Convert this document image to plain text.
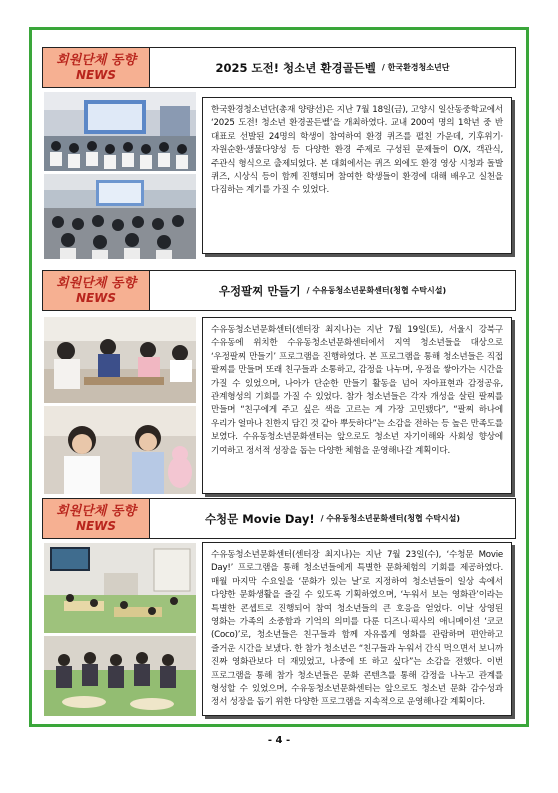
회원단체 동향
NEWS
2025 도전! 청소년 환경골든벨 / 한국환경청소년단
한국환경청소년단(총재 양량선)은 지난 7월 18일(금), 고양시 일산동중학교에서 ‘2025 도전! 청소년 환경골든벨’을 개최하였다. 교내 200여 명의 1학년 중 반 대표로 선발된 24명의 학생이 참여하여 환경 퀴즈를 펼친 가운데, 기후위기·자원순환·생물다양성 등 다양한 환경 주제로 구성된 문제들이 O/X, 객관식, 주관식 형식으로 출제되었다. 본 대회에서는 퀴즈 외에도 환경 영상 시청과 돌발 퀴즈, 시상식 등이 함께 진행되며 참여한 학생들이 환경에 대해 배우고 실천을 다짐하는 계기를 가질 수 있었다.
회원단체 동향
NEWS
우정팔찌 만들기 / 수유동청소년문화센터(청협 수탁시설)
수유동청소년문화센터(센터장 최지나)는 지난 7월 19일(토), 서울시 강북구 수유동에 위치한 수유동청소년문화센터에서 지역 청소년들을 대상으로 ‘우정팔찌 만들기’ 프로그램을 진행하였다. 본 프로그램을 통해 청소년들은 직접 팔찌를 만들며 또래 친구들과 소통하고, 감정을 나누며, 우정을 쌓아가는 시간을 가질 수 있었으며, 나아가 단순한 만들기 활동을 넘어 자아표현과 감정공유, 관계형성의 기회를 가질 수 있었다. 참가 청소년들은 각자 개성을 살린 팔찌를 만들며 “친구에게 주고 싶은 색을 고르는 게 가장 고민됐다”, “팔찌 하나에 우리가 얼마나 친한지 담긴 것 같아 뿌듯하다”는 소감을 전하는 등 높은 만족도를 보였다. 수유동청소년문화센터는 앞으로도 청소년 자기이해와 사회성 향상에 기여하고 정서적 성장을 돕는 다양한 체험을 운영해나갈 계획이다.
회원단체 동향
NEWS
수청문 Movie Day! / 수유동청소년문화센터(청협 수탁시설)
수유동청소년문화센터(센터장 최지나)는 지난 7월 23일(수), ‘수청문 Movie Day!’ 프로그램을 통해 청소년들에게 특별한 문화체험의 기회를 제공하였다. 매월 마지막 수요일을 ‘문화가 있는 날’로 지정하여 청소년들이 일상 속에서 다양한 문화생활을 즐길 수 있도록 기획하였으며, ‘누워서 보는 영화관’이라는 특별한 콘셉트로 진행되어 참여 청소년들의 큰 호응을 얻었다. 이날 상영된 영화는 가족의 소중함과 기억의 의미를 다룬 디즈니·픽사의 애니메이션 ‘코코(Coco)’로, 청소년들은 친구들과 함께 자유롭게 영화를 관람하며 편안하고 즐거운 시간을 보냈다. 한 참가 청소년은 “친구들과 누워서 간식 먹으면서 보니까 진짜 영화관보다 더 재밌었고, 나중에 또 하고 싶다”는 소감을 전했다. 이번 프로그램을 통해 참가 청소년들은 문화 콘텐츠를 통해 감정을 나누고 관계를 형성할 수 있었으며, 수유동청소년문화센터는 앞으로도 청소년 문화 감수성과 정서 성장을 돕기 위한 다양한 프로그램을 지속적으로 운영해나갈 계획이다.
- 4 -
